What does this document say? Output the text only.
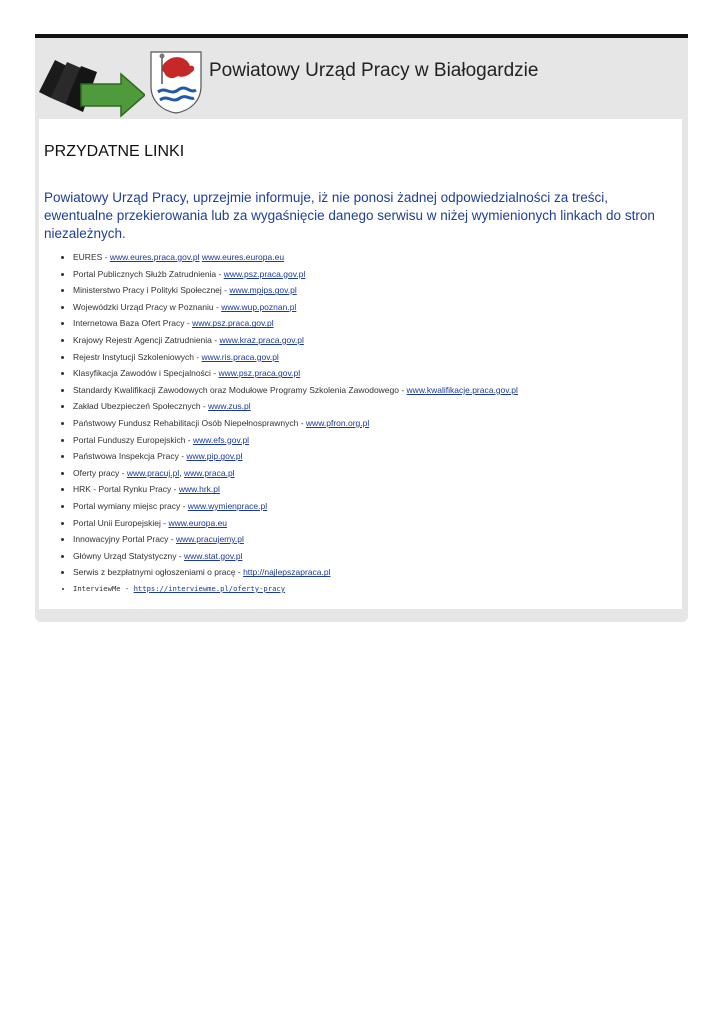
Powiatowy Urząd Pracy w Białogardzie
PRZYDATNE LINKI

Powiatowy Urząd Pracy, uprzejmie informuje, iż nie ponosi żadnej odpowiedzialności za treści, ewentualne przekierowania lub za wygaśnięcie danego serwisu w niżej wymienionych linkach do stron niezależnych.

• EURES - www.eures.praca.gov.pl www.eures.europa.eu
• Portal Publicznych Służb Zatrudnienia - www.psz.praca.gov.pl
• Ministerstwo Pracy i Polityki Społecznej - www.mpips.gov.pl
• Wojewódzki Urząd Pracy w Poznaniu - www.wup.poznan.pl
• Internetowa Baza Ofert Pracy - www.psz.praca.gov.pl
• Krajowy Rejestr Agencji Zatrudnienia - www.kraz.praca.gov.pl
• Rejestr Instytucji Szkoleniowych - www.ris.praca.gov.pl
• Klasyfikacja Zawodów i Specjalności - www.psz.praca.gov.pl
• Standardy Kwalifikacji Zawodowych oraz Modułowe Programy Szkolenia Zawodowego - www.kwalifikacje.praca.gov.pl
• Zakład Ubezpieczeń Społecznych - www.zus.pl
• Państwowy Fundusz Rehabilitacji Osób Niepełnosprawnych - www.pfron.org.pl
• Portal Funduszy Europejskich - www.efs.gov.pl
• Państwowa Inspekcja Pracy - www.pip.gov.pl
• Oferty pracy - www.pracuj.pl, www.praca.pl
• HRK - Portal Rynku Pracy - www.hrk.pl
• Portal wymiany miejsc pracy - www.wymienprace.pl
• Portal Unii Europejskiej - www.europa.eu
• Innowacyjny Portal Pracy - www.pracujemy.pl
• Główny Urząd Statystyczny - www.stat.gov.pl
• Serwis z bezpłatnymi ogłoszeniami o pracę - http://najlepszapraca.pl
• InterviewMe - https://interviewme.pl/oferty-pracy
